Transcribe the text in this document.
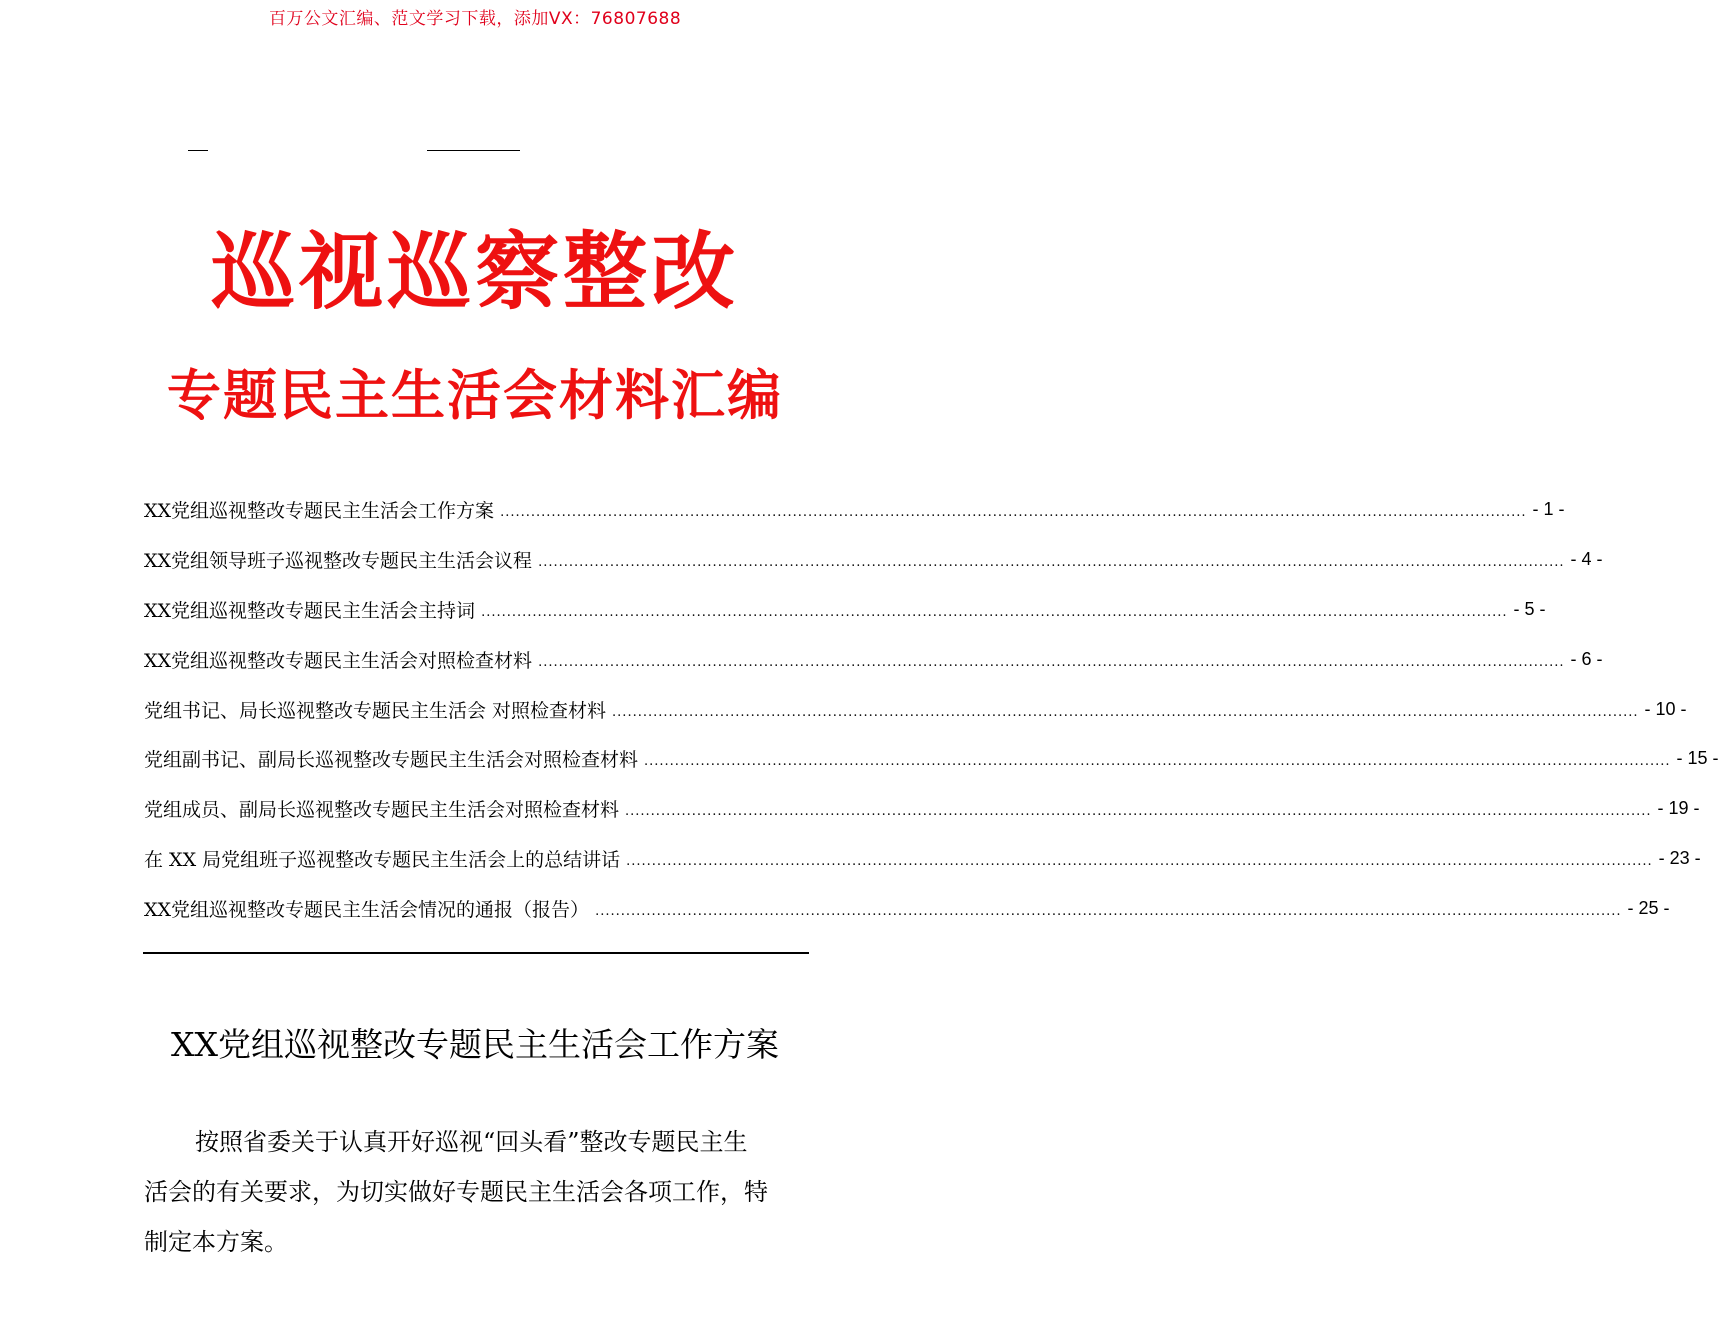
百万公文汇编、范文学习下载，添加VX：76807688
巡视巡察整改
专题民主生活会材料汇编
XX党组巡视整改专题民主生活会工作方案 ........................................................................................................................................................................................................ - 1 -
XX党组领导班子巡视整改专题民主生活会议程 ........................................................................................................................................................................................................ - 4 -
XX党组巡视整改专题民主生活会主持词 ........................................................................................................................................................................................................ - 5 -
XX党组巡视整改专题民主生活会对照检查材料 ........................................................................................................................................................................................................ - 6 -
党组书记、局长巡视整改专题民主生活会 对照检查材料 ........................................................................................................................................................................................................ - 10 -
党组副书记、副局长巡视整改专题民主生活会对照检查材料 ........................................................................................................................................................................................................ - 15 -
党组成员、副局长巡视整改专题民主生活会对照检查材料 ........................................................................................................................................................................................................ - 19 -
在 XX 局党组班子巡视整改专题民主生活会上的总结讲话 ........................................................................................................................................................................................................ - 23 -
XX党组巡视整改专题民主生活会情况的通报（报告） ........................................................................................................................................................................................................ - 25 -
XX党组巡视整改专题民主生活会工作方案

按照省委关于认真开好巡视“回头看”整改专题民主生
活会的有关要求，为切实做好专题民主生活会各项工作，特
制定本方案。
